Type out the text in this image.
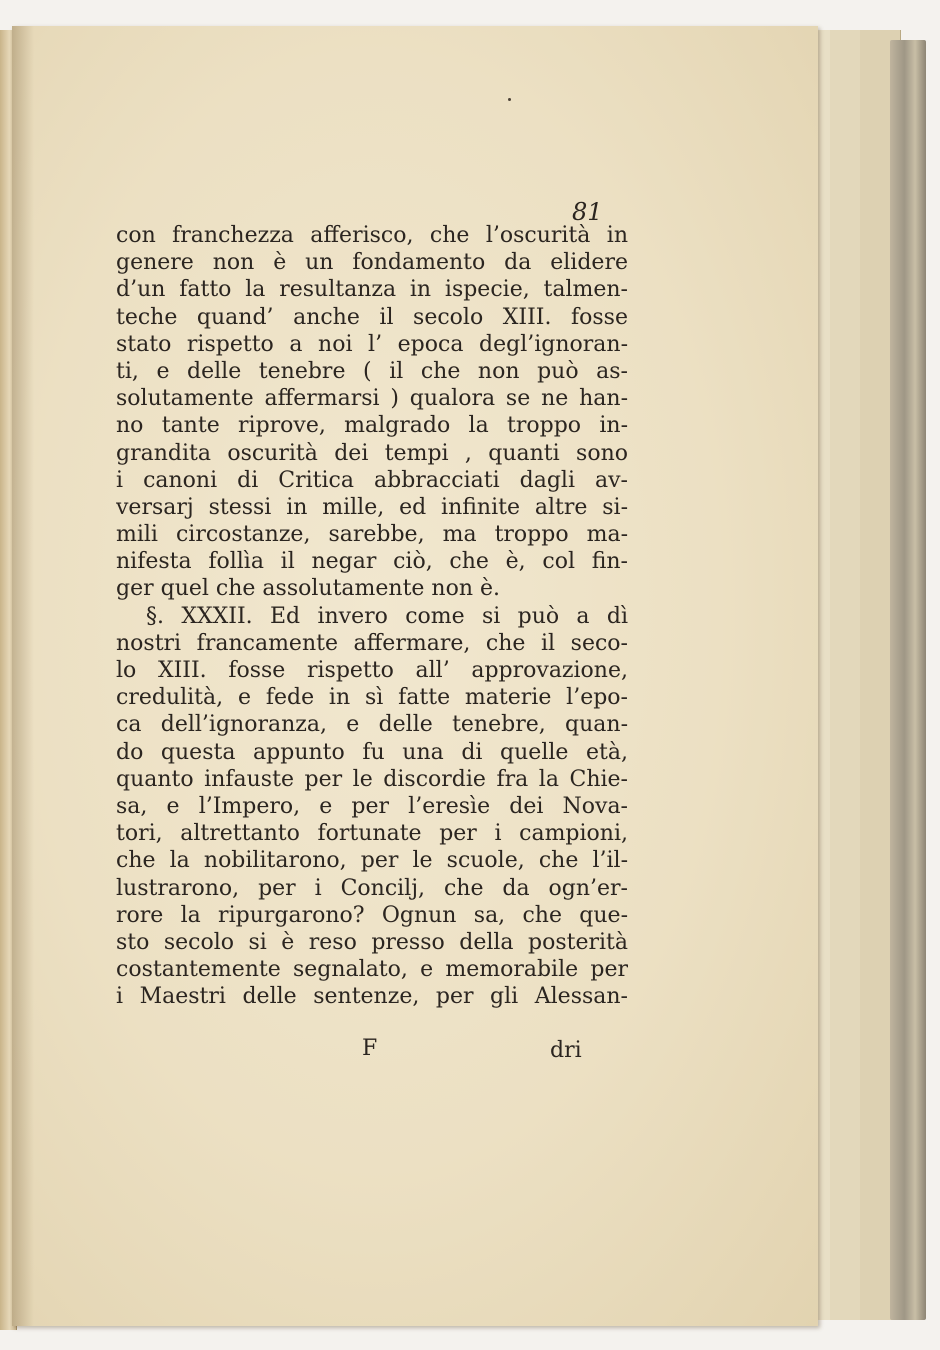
81
con franchezza afferisco, che l’oscurità in
genere non è un fondamento da elidere
d’un fatto la resultanza in ispecie, talmen-
teche quand’ anche il secolo XIII. fosse
stato rispetto a noi l’ epoca degl’ignoran-
ti, e delle tenebre ( il che non può as-
solutamente affermarsi ) qualora se ne han-
no tante riprove, malgrado la troppo in-
grandita oscurità dei tempi , quanti sono
i canoni di Critica abbracciati dagli av-
versarj stessi in mille, ed infinite altre si-
mili circostanze, sarebbe, ma troppo ma-
nifesta follìa il negar ciò, che è, col fin-
ger quel che assolutamente non è.
§. XXXII. Ed invero come si può a dì
nostri francamente affermare, che il seco-
lo XIII. fosse rispetto all’ approvazione,
credulità, e fede in sì fatte materie l’epo-
ca dell’ignoranza, e delle tenebre, quan-
do questa appunto fu una di quelle età,
quanto infauste per le discordie fra la Chie-
sa, e l’Impero, e per l’eresìe dei Nova-
tori, altrettanto fortunate per i campioni,
che la nobilitarono, per le scuole, che l’il-
lustrarono, per i Concilj, che da ogn’er-
rore la ripurgarono? Ognun sa, che que-
sto secolo si è reso presso della posterità
costantemente segnalato, e memorabile per
i Maestri delle sentenze, per gli Alessan-
F	dri
